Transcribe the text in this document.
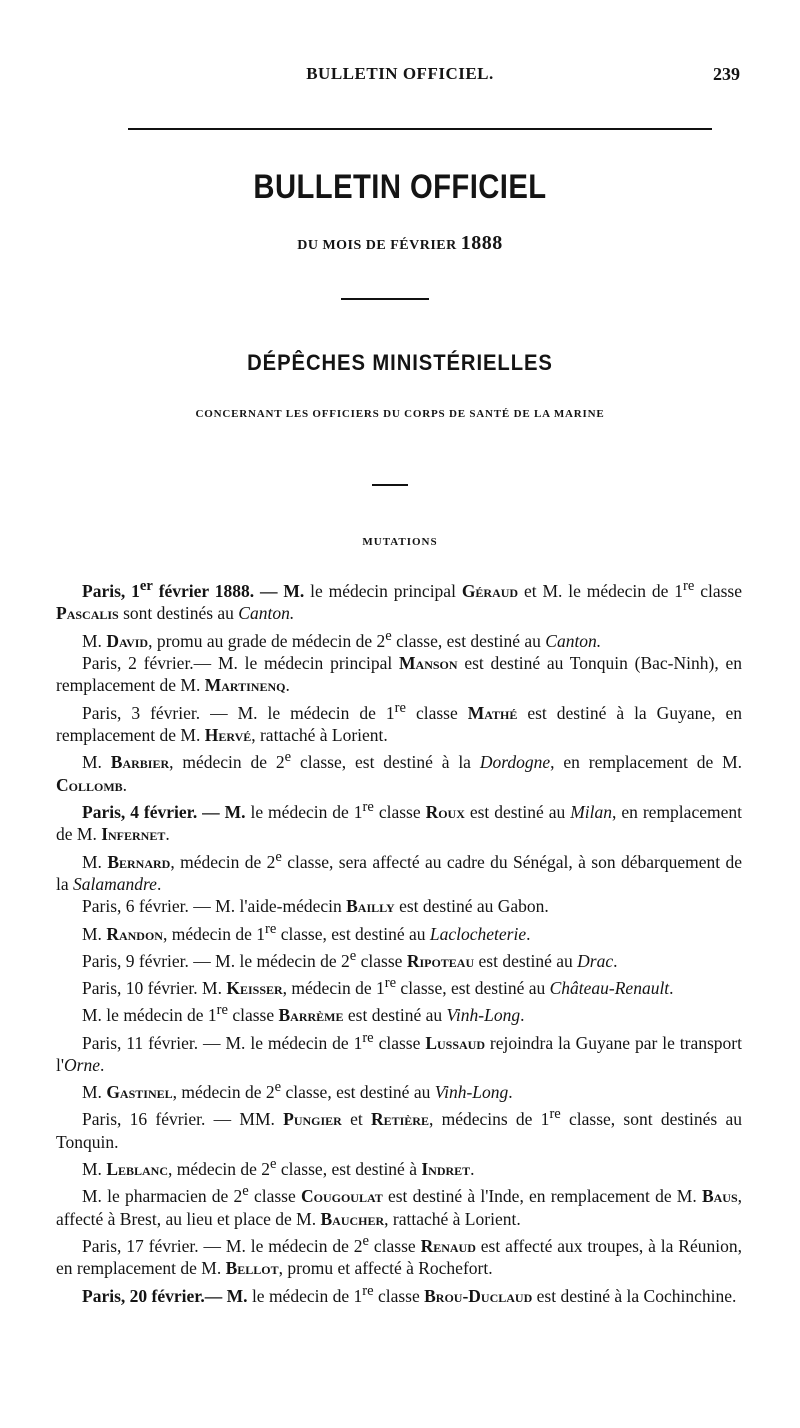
BULLETIN OFFICIEL.	239
BULLETIN OFFICIEL
DU MOIS DE FÉVRIER 1888
DÉPÊCHES MINISTÉRIELLES
CONCERNANT LES OFFICIERS DU CORPS DE SANTÉ DE LA MARINE
MUTATIONS

Paris, 1er février 1888. — M. le médecin principal Géraud et M. le médecin de 1re classe Pascalis sont destinés au Canton.

M. David, promu au grade de médecin de 2e classe, est destiné au Canton.

Paris, 2 février.— M. le médecin principal Manson est destiné au Tonquin (Bac-Ninh), en remplacement de M. Martinenq.

Paris, 3 février. — M. le médecin de 1re classe Mathé est destiné à la Guyane, en remplacement de M. Hervé, rattaché à Lorient.

M. Barbier, médecin de 2e classe, est destiné à la Dordogne, en remplacement de M. Collomb.

Paris, 4 février. — M. le médecin de 1re classe Roux est destiné au Milan, en remplacement de M. Infernet.

M. Bernard, médecin de 2e classe, sera affecté au cadre du Sénégal, à son débarquement de la Salamandre.

Paris, 6 février. — M. l'aide-médecin Bailly est destiné au Gabon.

M. Randon, médecin de 1re classe, est destiné au Laclocheterie.

Paris, 9 février. — M. le médecin de 2e classe Ripoteau est destiné au Drac.

Paris, 10 février. M. Keisser, médecin de 1re classe, est destiné au Château-Renault.

M. le médecin de 1re classe Barrème est destiné au Vinh-Long.

Paris, 11 février. — M. le médecin de 1re classe Lussaud rejoindra la Guyane par le transport l'Orne.

M. Gastinel, médecin de 2e classe, est destiné au Vinh-Long.

Paris, 16 février. — MM. Pungier et Retière, médecins de 1re classe, sont destinés au Tonquin.

M. Leblanc, médecin de 2e classe, est destiné à Indret.

M. le pharmacien de 2e classe Cougoulat est destiné à l'Inde, en remplacement de M. Baus, affecté à Brest, au lieu et place de M. Baucher, rattaché à Lorient.

Paris, 17 février. — M. le médecin de 2e classe Renaud est affecté aux troupes, à la Réunion, en remplacement de M. Bellot, promu et affecté à Rochefort.

Paris, 20 février.— M. le médecin de 1re classe Brou-Duclaud est destiné à la Cochinchine.
